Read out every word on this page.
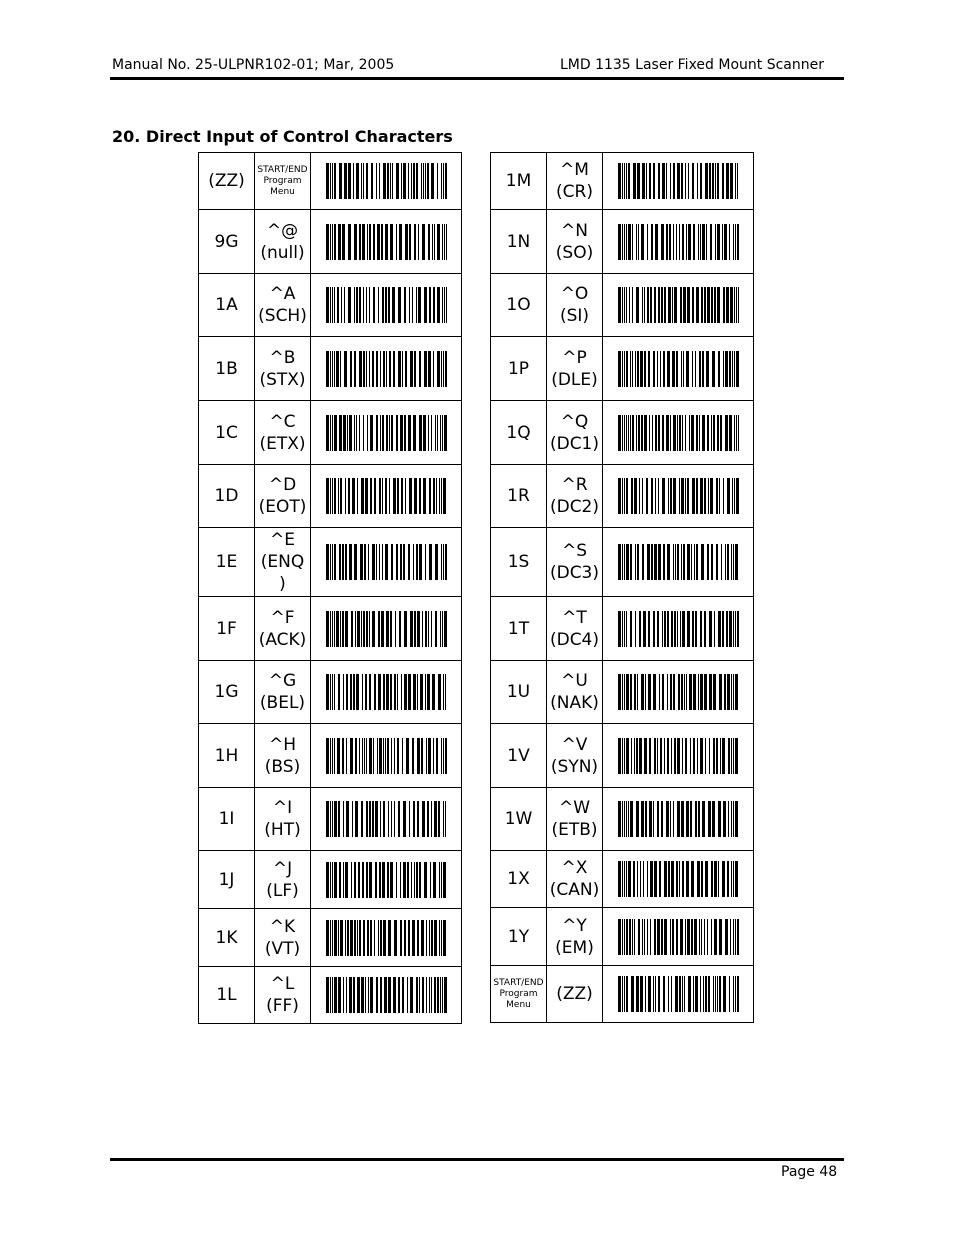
Manual No. 25-ULPNR102-01; Mar, 2005	LMD 1135 Laser Fixed Mount Scanner
20. Direct Input of Control Characters
(ZZ)	START/END
Program
Menu

9G	^@
(null)

1A	^A
(SCH)

1B	^B
(STX)

1C	^C
(ETX)

1D	^D
(EOT)

1E	^E
(ENQ
)

1F	^F
(ACK)

1G	^G
(BEL)

1H	^H
(BS)

1I	^I
(HT)

1J	^J
(LF)

1K	^K
(VT)

1L	^L
(FF)

1M	^M
(CR)

1N	^N
(SO)

1O	^O
(SI)

1P	^P
(DLE)

1Q	^Q
(DC1)

1R	^R
(DC2)

1S	^S
(DC3)

1T	^T
(DC4)

1U	^U
(NAK)

1V	^V
(SYN)

1W	^W
(ETB)

1X	^X
(CAN)

1Y	^Y
(EM)

START/END
Program
Menu	(ZZ)

Page 48
